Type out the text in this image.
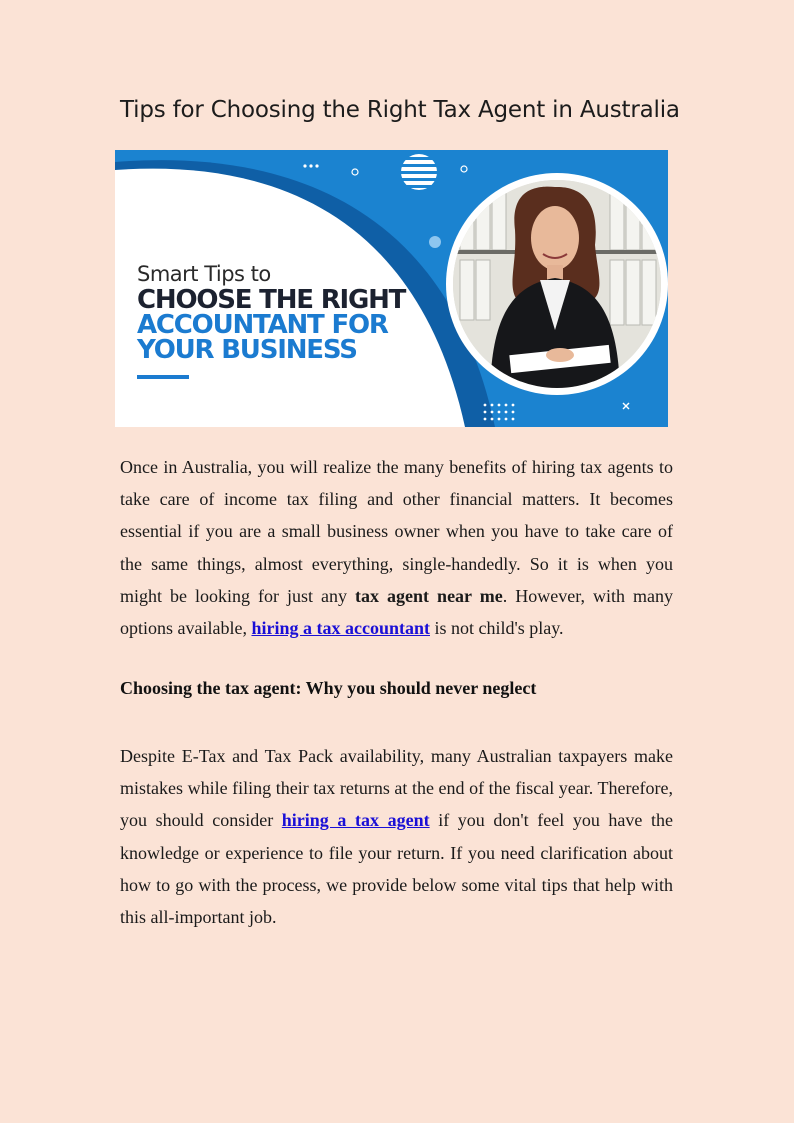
Tips for Choosing the Right Tax Agent in Australia

Smart Tips to

CHOOSE THE RIGHT

ACCOUNTANT FOR

YOUR BUSINESS

Once in Australia, you will realize the many benefits of hiring tax agents to take care of income tax filing and other financial matters. It becomes essential if you are a small business owner when you have to take care of the same things, almost everything, single-handedly. So it is when you might be looking for just any tax agent near me. However, with many options available, hiring a tax accountant is not child's play.

Choosing the tax agent: Why you should never neglect

Despite E-Tax and Tax Pack availability, many Australian taxpayers make mistakes while filing their tax returns at the end of the fiscal year. Therefore, you should consider hiring a tax agent if you don't feel you have the knowledge or experience to file your return. If you need clarification about how to go with the process, we provide below some vital tips that help with this all-important job.
